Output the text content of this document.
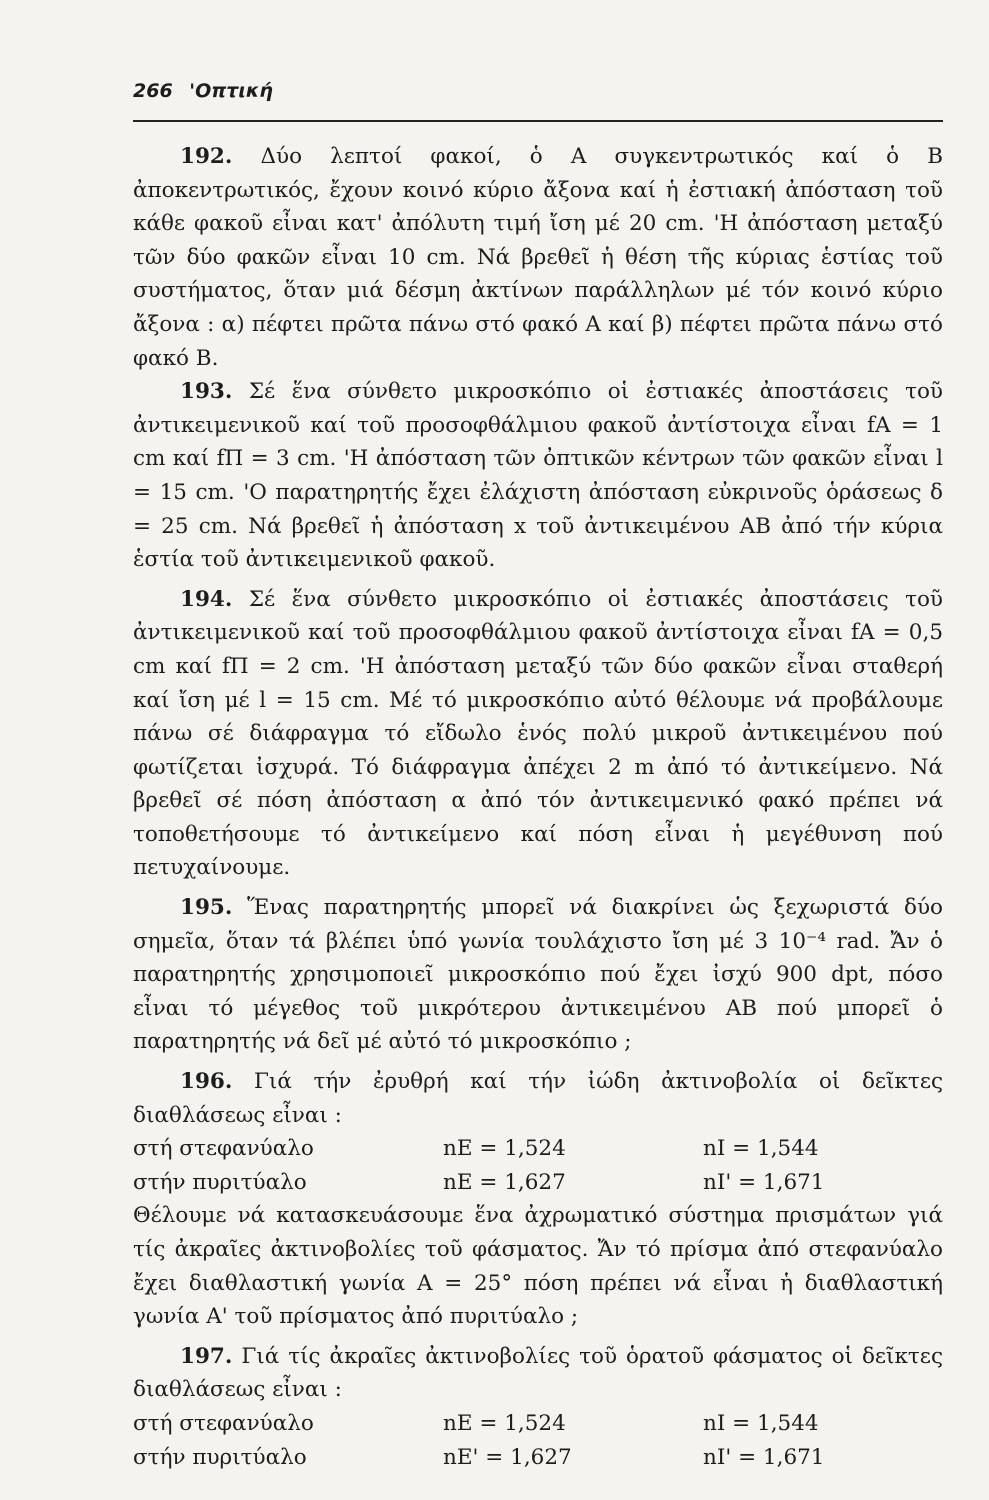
266 'Οπτική

192. Δύο λεπτοί φακοί, ὁ Α συγκεντρωτικός καί ὁ Β ἀποκεντρωτικός, ἔχουν κοινό κύριο ἄξονα καί ἡ ἐστιακή ἀπόσταση τοῦ κάθε φακοῦ εἶναι κατ' ἀπόλυτη τιμή ἴση μέ 20 cm. 'Η ἀπόσταση μεταξύ τῶν δύο φακῶν εἶναι 10 cm. Νά βρεθεῖ ἡ θέση τῆς κύριας ἑστίας τοῦ συστήματος, ὅταν μιά δέσμη ἀκτίνων παράλληλων μέ τόν κοινό κύριο ἄξονα : α) πέφτει πρῶτα πάνω στό φακό Α καί β) πέφτει πρῶτα πάνω στό φακό Β.

193. Σέ ἕνα σύνθετο μικροσκόπιο οἱ ἐστιακές ἀποστάσεις τοῦ ἀντικειμενικοῦ καί τοῦ προσοφθάλμιου φακοῦ ἀντίστοιχα εἶναι fA = 1 cm καί fΠ = 3 cm. 'Η ἀπόσταση τῶν ὀπτικῶν κέντρων τῶν φακῶν εἶναι l = 15 cm. 'Ο παρατηρητής ἔχει ἐλάχιστη ἀπόσταση εὐκρινοῦς ὁράσεως δ = 25 cm. Νά βρεθεῖ ἡ ἀπόσταση x τοῦ ἀντικειμένου ΑΒ ἀπό τήν κύρια ἑστία τοῦ ἀντικειμενικοῦ φακοῦ.

194. Σέ ἕνα σύνθετο μικροσκόπιο οἱ ἐστιακές ἀποστάσεις τοῦ ἀντικειμενικοῦ καί τοῦ προσοφθάλμιου φακοῦ ἀντίστοιχα εἶναι fA = 0,5 cm καί fΠ = 2 cm. 'Η ἀπόσταση μεταξύ τῶν δύο φακῶν εἶναι σταθερή καί ἴση μέ l = 15 cm. Μέ τό μικροσκόπιο αὐτό θέλουμε νά προβάλουμε πάνω σέ διάφραγμα τό εἴδωλο ἑνός πολύ μικροῦ ἀντικειμένου πού φωτίζεται ἰσχυρά. Τό διάφραγμα ἀπέχει 2 m ἀπό τό ἀντικείμενο. Νά βρεθεῖ σέ πόση ἀπόσταση α ἀπό τόν ἀντικειμενικό φακό πρέπει νά τοποθετήσουμε τό ἀντικείμενο καί πόση εἶναι ἡ μεγέθυνση πού πετυχαίνουμε.

195. Ἕνας παρατηρητής μπορεῖ νά διακρίνει ὡς ξεχωριστά δύο σημεῖα, ὅταν τά βλέπει ὑπό γωνία τουλάχιστο ἴση μέ 3 10⁻⁴ rad. Ἄν ὁ παρατηρητής χρησιμοποιεῖ μικροσκόπιο πού ἔχει ἰσχύ 900 dpt, πόσο εἶναι τό μέγεθος τοῦ μικρότερου ἀντικειμένου ΑΒ πού μπορεῖ ὁ παρατηρητής νά δεῖ μέ αὐτό τό μικροσκόπιο ;

196. Γιά τήν ἐρυθρή καί τήν ἰώδη ἀκτινοβολία οἱ δεῖκτες διαθλάσεως εἶναι :

στή στεφανύαλο	nE = 1,524	nI = 1,544
στήν πυριτύαλο	nE = 1,627	nI' = 1,671

Θέλουμε νά κατασκευάσουμε ἕνα ἀχρωματικό σύστημα πρισμάτων γιά τίς ἀκραῖες ἀκτινοβολίες τοῦ φάσματος. Ἄν τό πρίσμα ἀπό στεφανύαλο ἔχει διαθλαστική γωνία Α = 25° πόση πρέπει νά εἶναι ἡ διαθλαστική γωνία Α' τοῦ πρίσματος ἀπό πυριτύαλο ;

197. Γιά τίς ἀκραῖες ἀκτινοβολίες τοῦ ὁρατοῦ φάσματος οἱ δεῖκτες διαθλάσεως εἶναι :

στή στεφανύαλο	nE = 1,524	nI = 1,544
στήν πυριτύαλο	nE' = 1,627	nI' = 1,671
